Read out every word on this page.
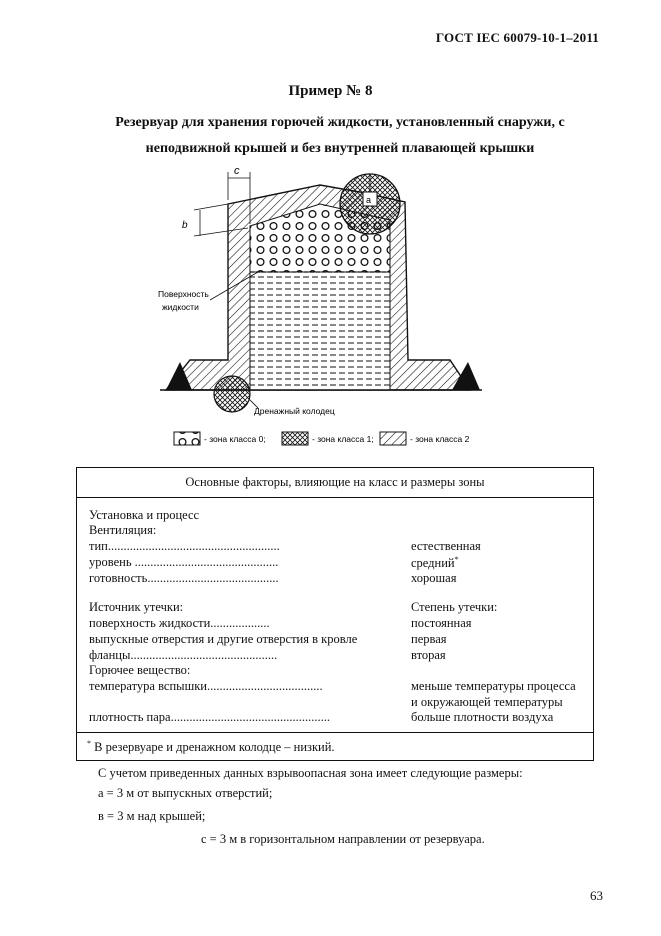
ГОСТ IEC 60079-10-1–2011
Пример № 8
Резервуар для хранения горючей жидкости, установленный снаружи, с
неподвижной крышей и без внутренней плавающей крышки
a
c
b
Поверхность
жидкости
Дренажный колодец
- зона класса 0;	- зона класса 1;	- зона класса 2
Основные факторы, влияющие на класс и размеры зоны
Установка и процесс
Вентиляция:
тип.......................................................	естественная
уровень ..............................................	средний*
готовность..........................................	хорошая
Источник утечки:	Степень утечки:
поверхность жидкости...................	постоянная
выпускные отверстия и другие отверстия в кровле	первая
фланцы...............................................	вторая
Горючее вещество:
температура вспышки.....................................	меньше температуры процесса
и окружающей температуры
плотность пара...................................................	больше плотности воздуха
* В резервуаре и дренажном колодце – низкий.
С учетом приведенных данных взрывоопасная зона имеет следующие размеры:
а = 3 м от выпускных отверстий;
в = 3 м над крышей;
с = 3 м в горизонтальном направлении от резервуара.
63
